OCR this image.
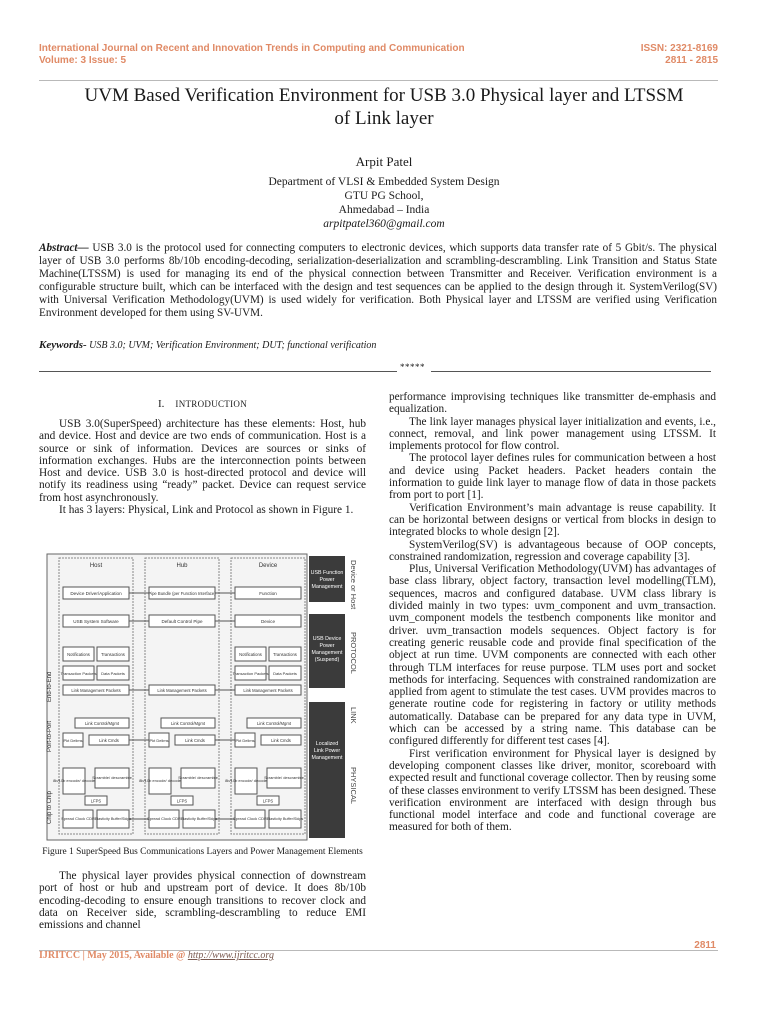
International Journal on Recent and Innovation Trends in Computing and Communication
Volume: 3 Issue: 5
ISSN: 2321-8169
2811 - 2815
UVM Based Verification Environment for USB 3.0 Physical layer and LTSSM
of Link layer
Arpit Patel
Department of VLSI & Embedded System Design
GTU PG School,
Ahmedabad – India
arpitpatel360@gmail.com
Abstract— USB 3.0 is the protocol used for connecting computers to electronic devices, which supports data transfer rate of 5 Gbit/s. The physical layer of USB 3.0 performs 8b/10b encoding-decoding, serialization-deserialization and scrambling-descrambling. Link Transition and Status State Machine(LTSSM) is used for managing its end of the physical connection between Transmitter and Receiver. Verification environment is a configurable structure built, which can be interfaced with the design and test sequences can be applied to the design through it. SystemVerilog(SV) with Universal Verification Methodology(UVM) is used widely for verification. Both Physical layer and LTSSM are verified using Verification Environment developed for them using SV-UVM.
Keywords- USB 3.0; UVM; Verification Environment; DUT; functional verification
*****
I. INTRODUCTION

USB 3.0(SuperSpeed) architecture has these elements: Host, hub and device. Host and device are two ends of communication. Host is a source or sink of information. Devices are sources or sinks of information exchanges. Hubs are the interconnection points between Host and device. USB 3.0 is host-directed protocol and device will notify its readiness using “ready” packet. Device can request service from host asynchronously.

It has 3 layers: Physical, Link and Protocol as shown in Figure 1.

End-to-End
Port-to-Port
Chip to Chip
Host	Hub	Device
Device Driver/Application	Pipe Bundle (per Function Interface)	Function
USB System Software	Default Control Pipe	Device
Notifications	Transactions
Transaction Packets Data Packets
Link Management Packets	Link Management Packets
Notifications	Transactions
Transaction Packets Data Packets
Link Management Packets
Link Control/Mgmt
Pkt Delims	Link Cmds
Link Control/Mgmt
Pkt Delims	Link Cmds
Link Control/Mgmt
Pkt Delims	Link Cmds
8b/10b encode/ decode
Scramble/ descramble
LFPS
Spread Clock CDR Elasticity Buffer/Skips
8b/10b encode/ decode
Scramble/ descramble
LFPS
Spread Clock CDR Elasticity Buffer/Skips
8b/10b encode/ decode
Scramble/ descramble
LFPS
Spread Clock CDR Elasticity Buffer/Skips
USB Function
Power
Management
USB Device
Power
Management
(Suspend)
Localized
Link Power
Management
Device or Host
PROTOCOL
LINK
PHYSICAL
Figure 1 SuperSpeed Bus Communications Layers and Power Management Elements

The physical layer provides physical connection of downstream port of host or hub and upstream port of device. It does 8b/10b encoding-decoding to ensure enough transitions to recover clock and data on Receiver side, scrambling-descrambling to reduce EMI emissions and channel

performance improvising techniques like transmitter de-emphasis and equalization.

The link layer manages physical layer initialization and events, i.e., connect, removal, and link power management using LTSSM. It implements protocol for flow control.

The protocol layer defines rules for communication between a host and device using Packet headers. Packet headers contain the information to guide link layer to manage flow of data in those packets from port to port [1].

Verification Environment’s main advantage is reuse capability. It can be horizontal between designs or vertical from blocks in design to integrated blocks to whole design [2].

SystemVerilog(SV) is advantageous because of OOP concepts, constrained randomization, regression and coverage capability [3].

Plus, Universal Verification Methodology(UVM) has advantages of base class library, object factory, transaction level modelling(TLM), sequences, macros and configured database. UVM class library is divided mainly in two types: uvm_component and uvm_transaction. uvm_component models the testbench components like monitor and driver. uvm_transaction models sequences. Object factory is for creating generic reusable code and provide final specification of the object at run time. UVM components are connected with each other through TLM interfaces for reuse purpose. TLM uses port and socket methods for interfacing. Sequences with constrained randomization are applied from agent to stimulate the test cases. UVM provides macros to generate routine code for registering in factory or utility methods automatically. Database can be prepared for any data type in UVM, which can be accessed by a string name. This database can be configured differently for different test cases [4].

First verification environment for Physical layer is designed by developing component classes like driver, monitor, scoreboard with expected result and functional coverage collector. Then by reusing some of these classes environment to verify LTSSM has been designed. These verification environment are interfaced with design through bus functional model interface and code and functional coverage are measured for both of them.

2811
IJRITCC | May 2015, Available @ http://www.ijritcc.org
